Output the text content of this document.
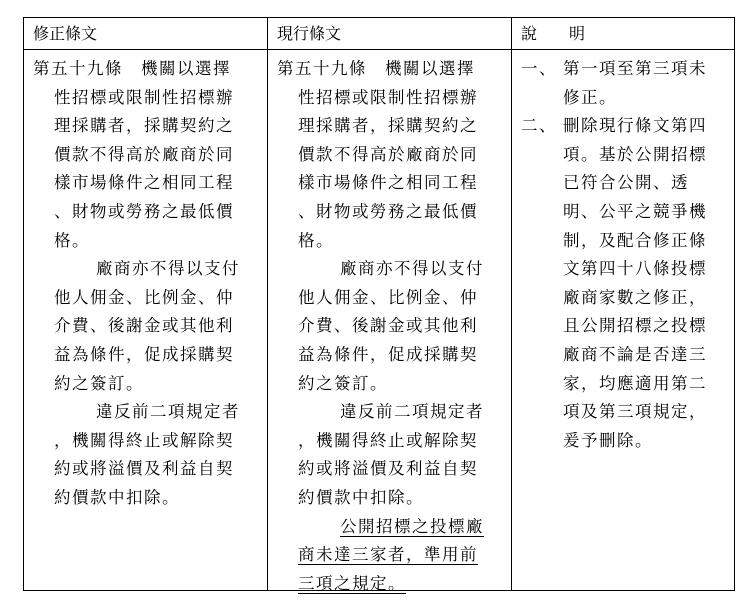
修正條文	現行條文	說　　明
第五十九條　機關以選擇
性招標或限制性招標辦
理採購者，採購契約之
價款不得高於廠商於同
樣市場條件之相同工程
、財物或勞務之最低價
格。
廠商亦不得以支付
他人佣金、比例金、仲
介費、後謝金或其他利
益為條件，促成採購契
約之簽訂。
違反前二項規定者
，機關得終止或解除契
約或將溢價及利益自契
約價款中扣除。
第五十九條　機關以選擇
性招標或限制性招標辦
理採購者，採購契約之
價款不得高於廠商於同
樣市場條件之相同工程
、財物或勞務之最低價
格。
廠商亦不得以支付
他人佣金、比例金、仲
介費、後謝金或其他利
益為條件，促成採購契
約之簽訂。
違反前二項規定者
，機關得終止或解除契
約或將溢價及利益自契
約價款中扣除。
公開招標之投標廠
商未達三家者，準用前
三項之規定。
一、 第一項至第三項未
修正。
二、 刪除現行條文第四
項。基於公開招標
已符合公開、透
明、公平之競爭機
制，及配合修正條
文第四十八條投標
廠商家數之修正，
且公開招標之投標
廠商不論是否達三
家，均應適用第二
項及第三項規定，
爰予刪除。
